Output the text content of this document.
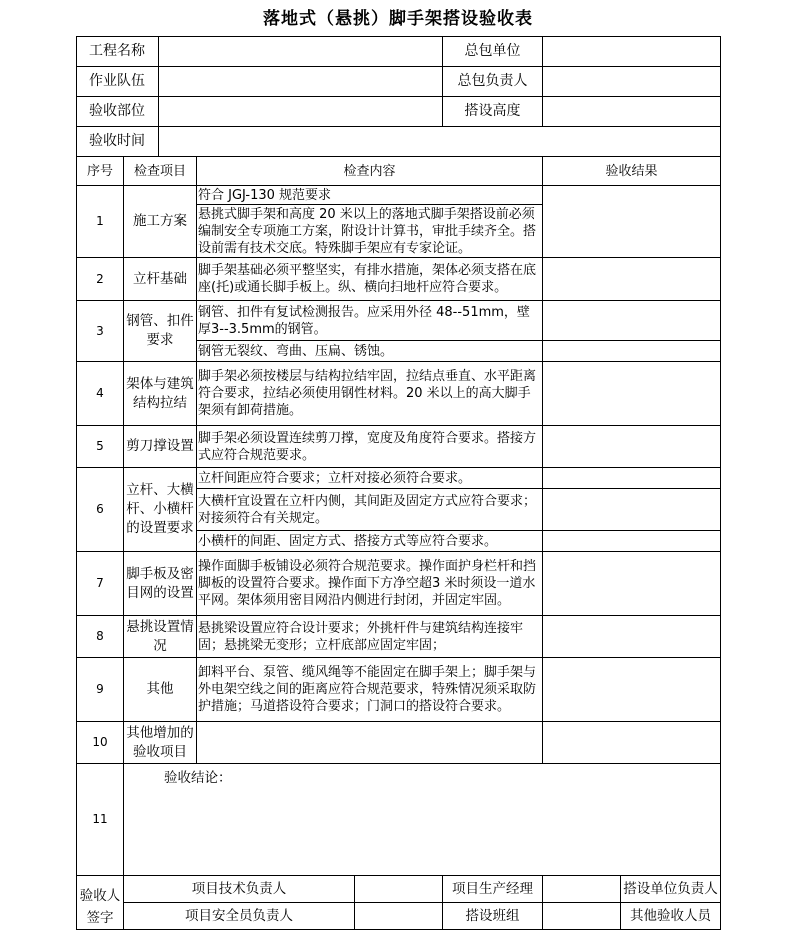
落地式（悬挑）脚手架搭设验收表
工程名称					总包单位		
作业队伍					总包负责人		
验收部位					搭设高度		
验收时间							
序号	检查项目		检查内容			验收结果	
1	施工方案		符合 JGJ-130 规范要求				
			悬挑式脚手架和高度 20 米以上的落地式脚手架搭设前必须编制安全专项施工方案，附设计计算书，审批手续齐全。搭设前需有技术交底。特殊脚手架应有专家论证。				
2	立杆基础		脚手架基础必须平整坚实，有排水措施，架体必须支搭在底座(托)或通长脚手板上。纵、横向扫地杆应符合要求。				
3	钢管、扣件要求		钢管、扣件有复试检测报告。应采用外径 48--51mm，壁厚3--3.5mm的钢管。				
			钢管无裂纹、弯曲、压扁、锈蚀。				
4	架体与建筑结构拉结		脚手架必须按楼层与结构拉结牢固，拉结点垂直、水平距离符合要求，拉结必须使用钢性材料。20 米以上的高大脚手架须有卸荷措施。				
5	剪刀撑设置		脚手架必须设置连续剪刀撑，宽度及角度符合要求。搭接方式应符合规范要求。				
6	立杆、大横杆、小横杆的设置要求		立杆间距应符合要求；立杆对接必须符合要求。				
			大横杆宜设置在立杆内侧，其间距及固定方式应符合要求；对接须符合有关规定。				
			小横杆的间距、固定方式、搭接方式等应符合要求。				
7	脚手板及密目网的设置		操作面脚手板铺设必须符合规范要求。操作面护身栏杆和挡脚板的设置符合要求。操作面下方净空超3 米时须设一道水平网。架体须用密目网沿内侧进行封闭，并固定牢固。				
8	悬挑设置情况		悬挑梁设置应符合设计要求；外挑杆件与建筑结构连接牢固；悬挑梁无变形；立杆底部应固定牢固；				
9	其他		卸料平台、泵管、缆风绳等不能固定在脚手架上；脚手架与外电架空线之间的距离应符合规范要求，特殊情况须采取防护措施；马道搭设符合要求；门洞口的搭设符合要求。				
10	其他增加的验收项目						
11	验收结论：						
验收人签字	项目技术负责人				项目生产经理		搭设单位负责人
	项目安全员负责人				搭设班组		其他验收人员
